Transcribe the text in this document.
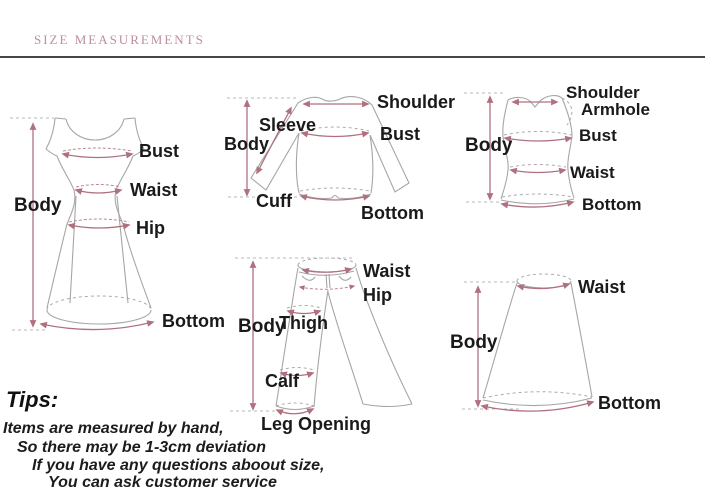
SIZE MEASUREMENTS
Body
Bust
Waist
Hip
Bottom
Shoulder
Sleeve
Body	Bust
Cuff
Bottom
Shoulder
Armhole
Body	Bust
Waist
Bottom
Waist
Hip
Body
Thigh
Calf
Leg Opening
Waist
Body
Bottom
Tips:
Items are measured by hand,
So there may be 1-3cm deviation
If you have any questions aboout size,
You can ask customer service
